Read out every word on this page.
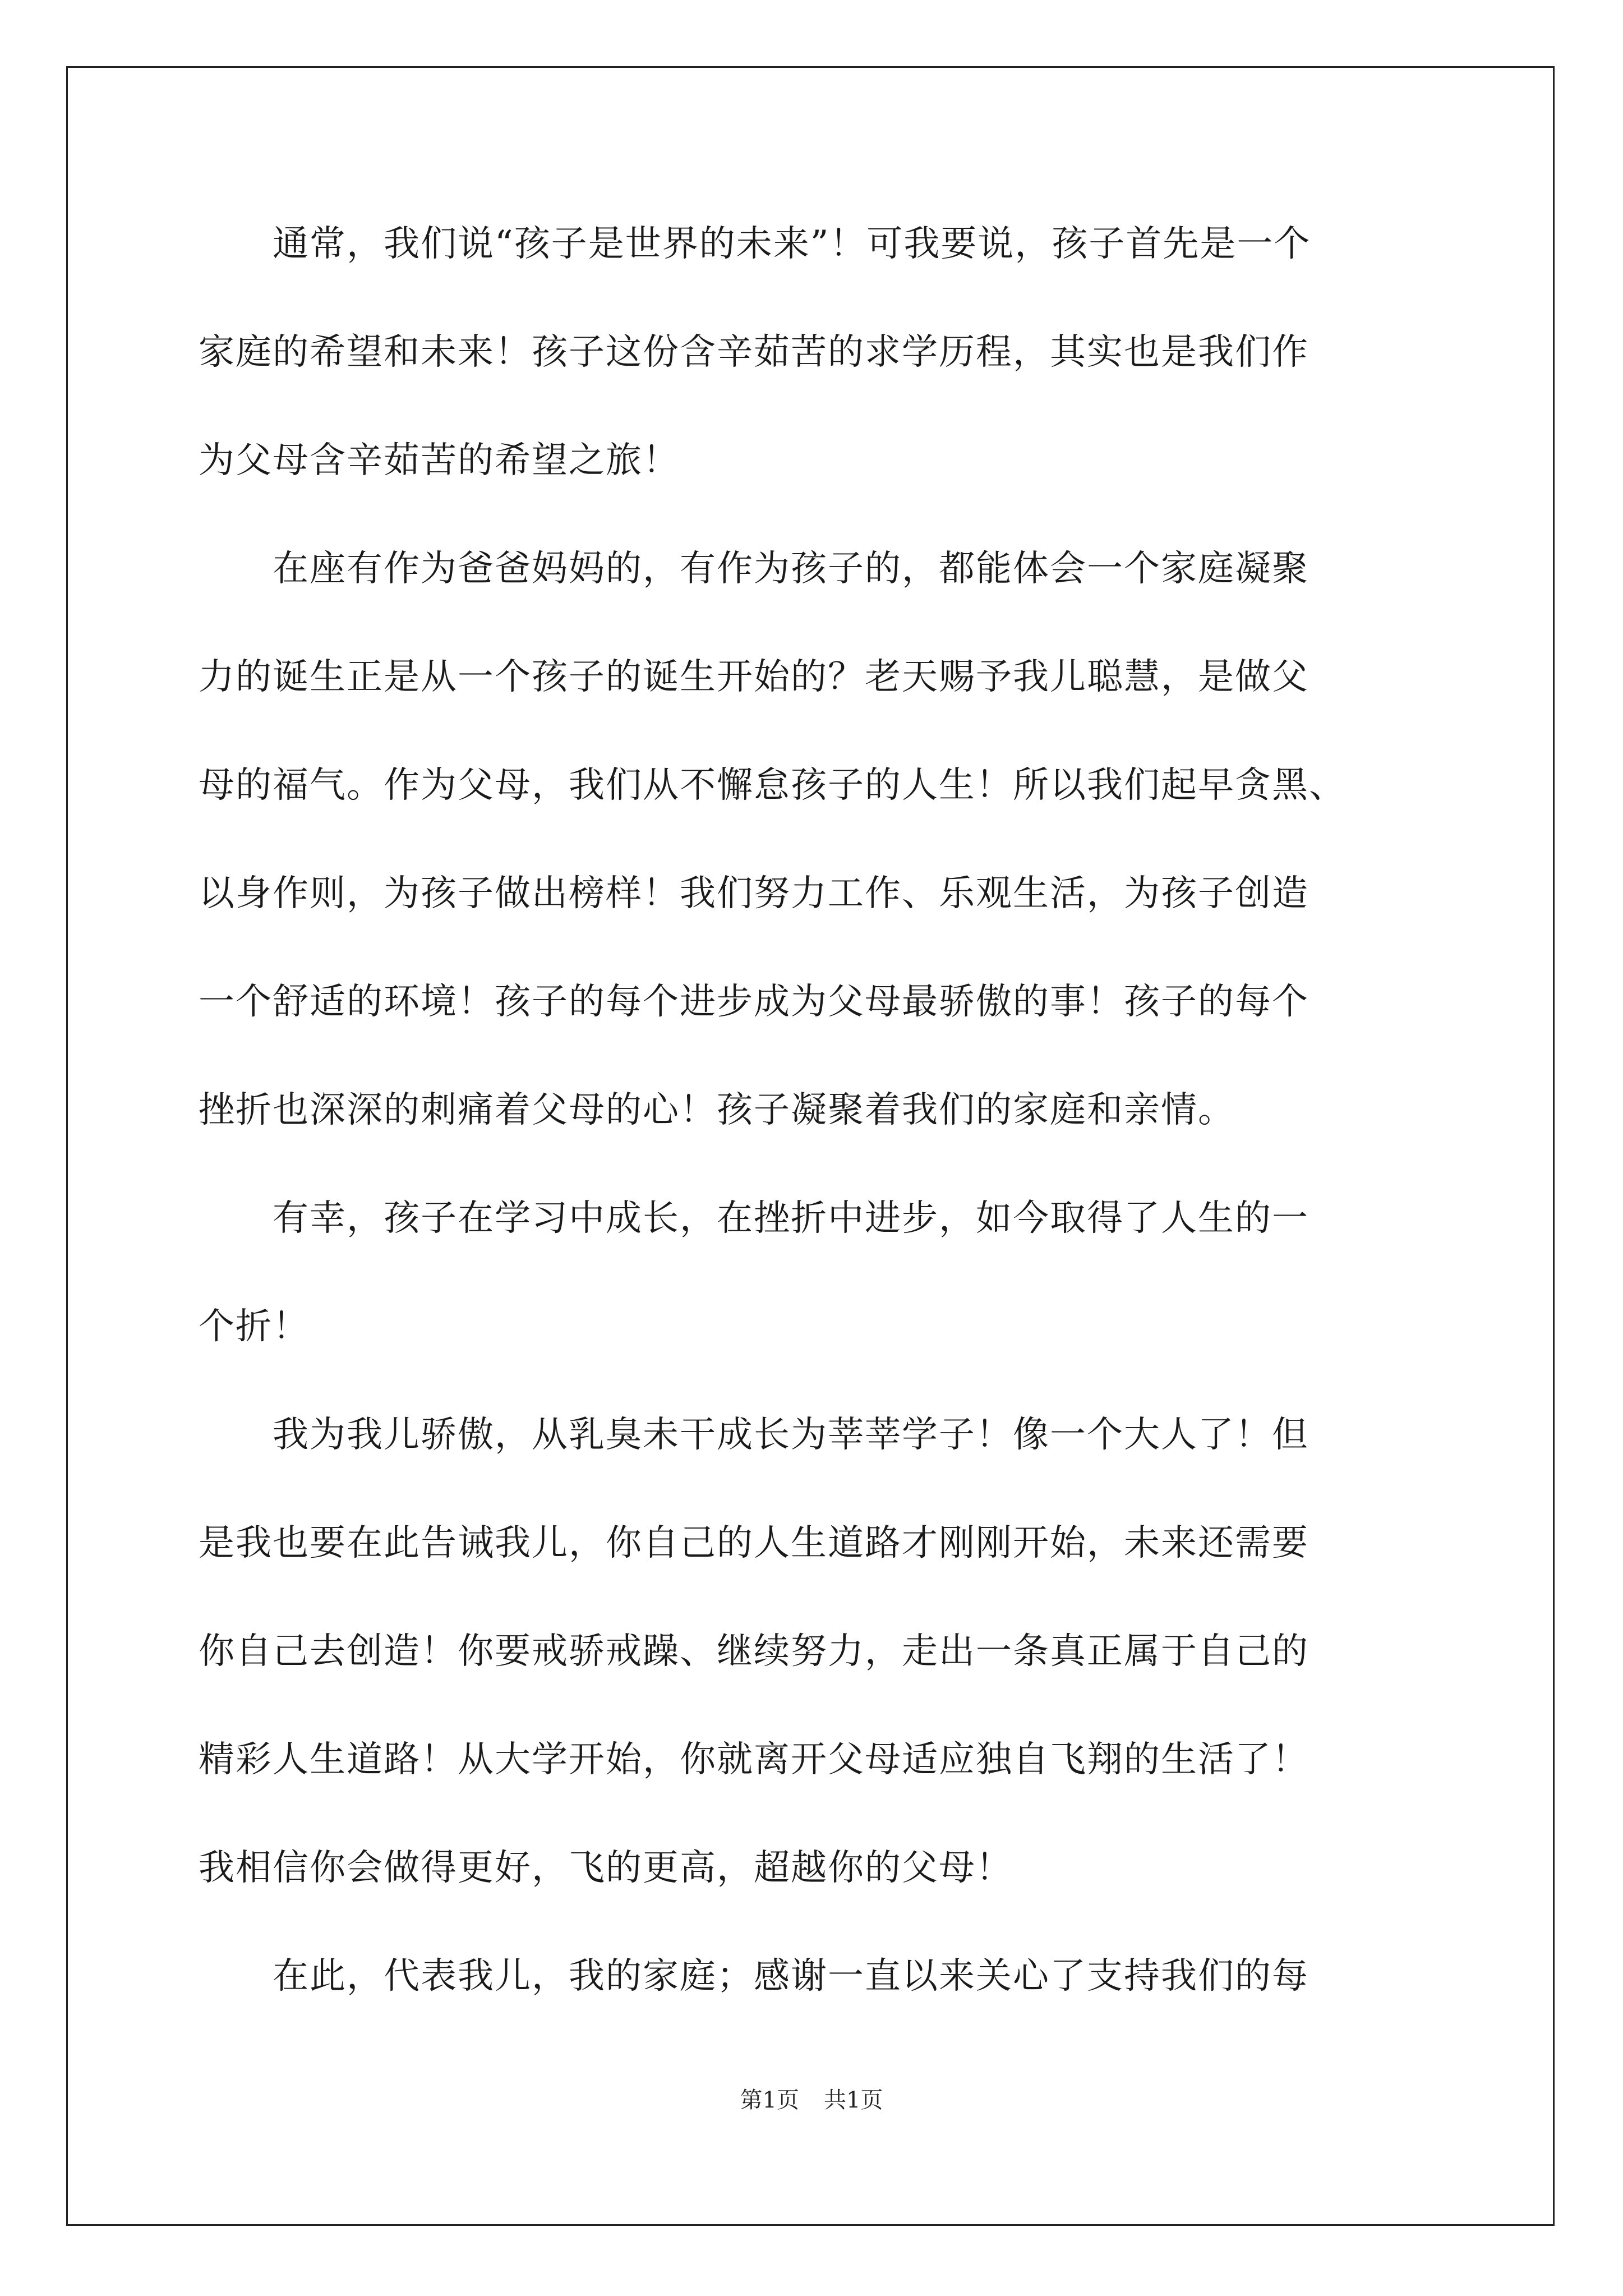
　　通常，我们说“孩子是世界的未来”！可我要说，孩子首先是一个
家庭的希望和未来！孩子这份含辛茹苦的求学历程，其实也是我们作
为父母含辛茹苦的希望之旅！
　　在座有作为爸爸妈妈的，有作为孩子的，都能体会一个家庭凝聚
力的诞生正是从一个孩子的诞生开始的？老天赐予我儿聪慧，是做父
母的福气。作为父母，我们从不懈怠孩子的人生！所以我们起早贪黑、
以身作则，为孩子做出榜样！我们努力工作、乐观生活，为孩子创造
一个舒适的环境！孩子的每个进步成为父母最骄傲的事！孩子的每个
挫折也深深的刺痛着父母的心！孩子凝聚着我们的家庭和亲情。
　　有幸，孩子在学习中成长，在挫折中进步，如今取得了人生的一
个折！
　　我为我儿骄傲，从乳臭未干成长为莘莘学子！像一个大人了！但
是我也要在此告诫我儿，你自己的人生道路才刚刚开始，未来还需要
你自己去创造！你要戒骄戒躁、继续努力，走出一条真正属于自己的
精彩人生道路！从大学开始，你就离开父母适应独自飞翔的生活了！
我相信你会做得更好，飞的更高，超越你的父母！
　　在此，代表我儿，我的家庭；感谢一直以来关心了支持我们的每
第1页 共1页
